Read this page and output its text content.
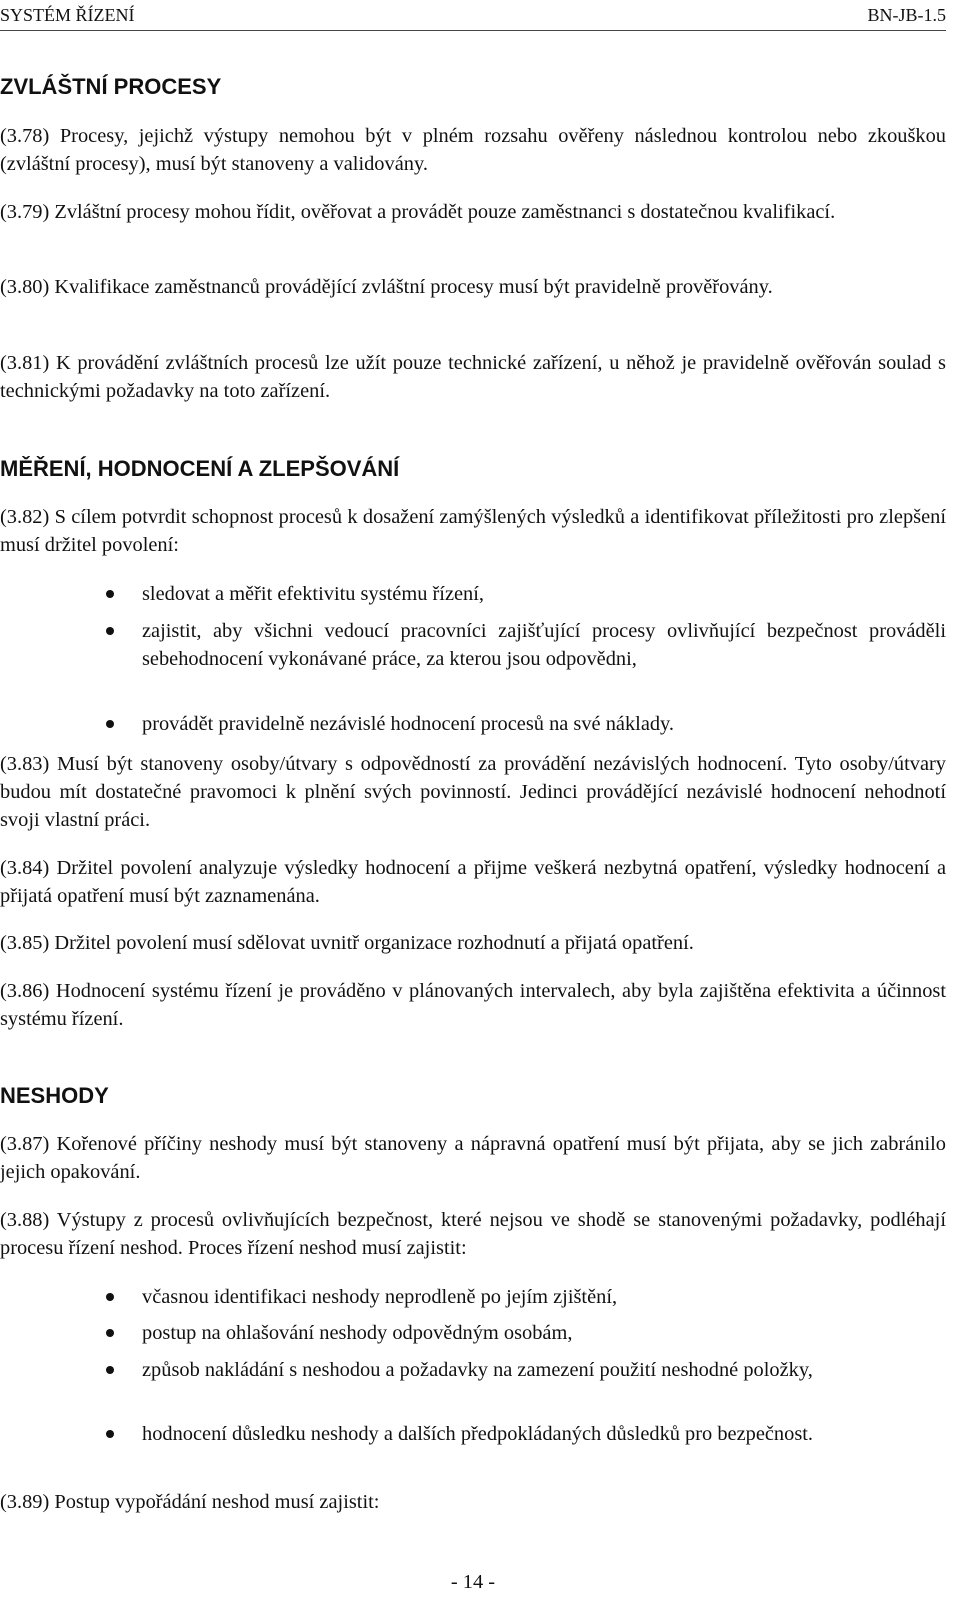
SYSTÉM ŘÍZENÍ	BN-JB-1.5

ZVLÁŠTNÍ PROCESY

(3.78) Procesy, jejichž výstupy nemohou být v plném rozsahu ověřeny následnou kontrolou nebo zkouškou (zvláštní procesy), musí být stanoveny a validovány.

(3.79) Zvláštní procesy mohou řídit, ověřovat a provádět pouze zaměstnanci s dostatečnou kvalifikací.

(3.80) Kvalifikace zaměstnanců provádějící zvláštní procesy musí být pravidelně prověřovány.

(3.81) K provádění zvláštních procesů lze užít pouze technické zařízení, u něhož je pravidelně ověřován soulad s technickými požadavky na toto zařízení.

MĚŘENÍ, HODNOCENÍ A ZLEPŠOVÁNÍ

(3.82) S cílem potvrdit schopnost procesů k dosažení zamýšlených výsledků a identifikovat příležitosti pro zlepšení musí držitel povolení:

sledovat a měřit efektivitu systému řízení,
zajistit, aby všichni vedoucí pracovníci zajišťující procesy ovlivňující bezpečnost prováděli sebehodnocení vykonávané práce, za kterou jsou odpovědni,
provádět pravidelně nezávislé hodnocení procesů na své náklady.

(3.83) Musí být stanoveny osoby/útvary s odpovědností za provádění nezávislých hodnocení. Tyto osoby/útvary budou mít dostatečné pravomoci k plnění svých povinností. Jedinci provádějící nezávislé hodnocení nehodnotí svoji vlastní práci.

(3.84) Držitel povolení analyzuje výsledky hodnocení a přijme veškerá nezbytná opatření, výsledky hodnocení a přijatá opatření musí být zaznamenána.

(3.85) Držitel povolení musí sdělovat uvnitř organizace rozhodnutí a přijatá opatření.

(3.86) Hodnocení systému řízení je prováděno v plánovaných intervalech, aby byla zajištěna efektivita a účinnost systému řízení.

NESHODY

(3.87) Kořenové příčiny neshody musí být stanoveny a nápravná opatření musí být přijata, aby se jich zabránilo jejich opakování.

(3.88) Výstupy z procesů ovlivňujících bezpečnost, které nejsou ve shodě se stanovenými požadavky, podléhají procesu řízení neshod. Proces řízení neshod musí zajistit:

včasnou identifikaci neshody neprodleně po jejím zjištění,
postup na ohlašování neshody odpovědným osobám,
způsob nakládání s neshodou a požadavky na zamezení použití neshodné položky,
hodnocení důsledku neshody a dalších předpokládaných důsledků pro bezpečnost.

(3.89) Postup vypořádání neshod musí zajistit:

- 14 -
